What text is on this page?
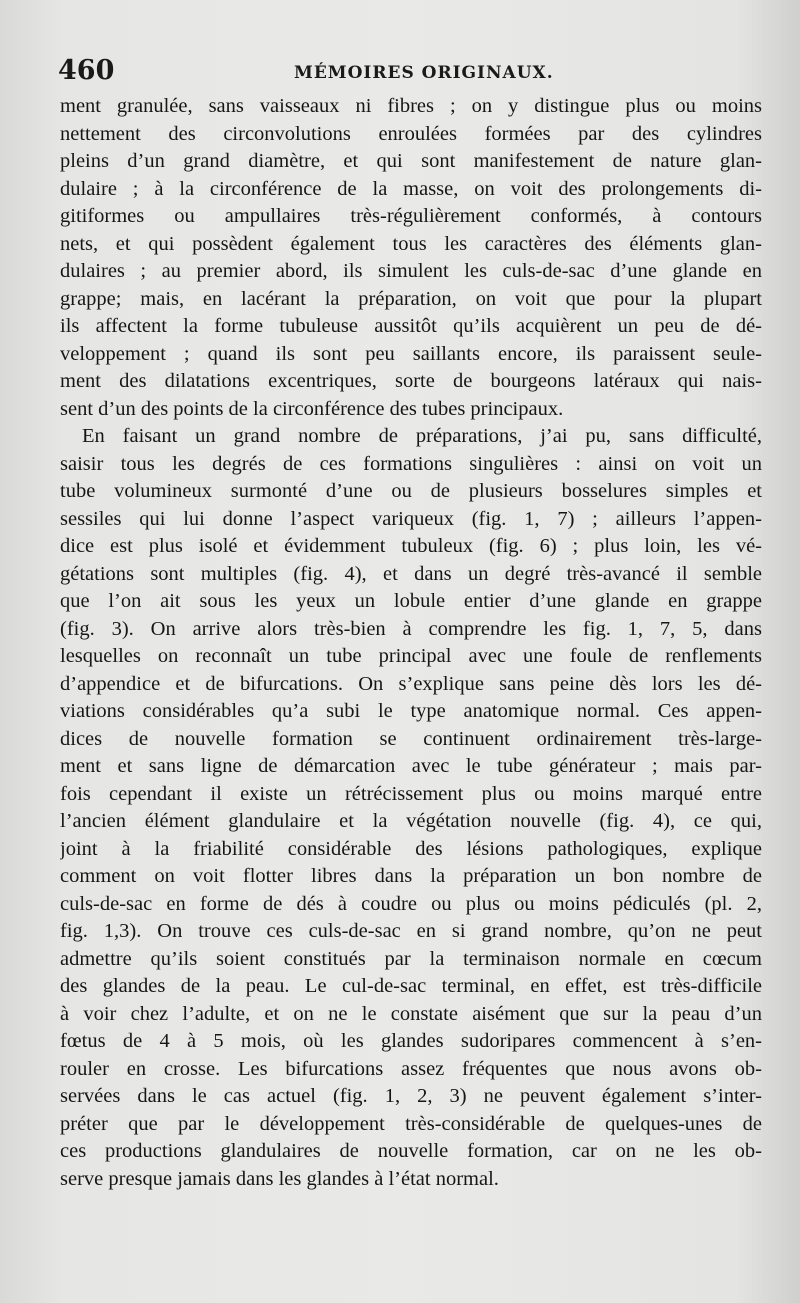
460	MÉMOIRES ORIGINAUX.
ment granulée, sans vaisseaux ni fibres ; on y distingue plus ou moins
nettement des circonvolutions enroulées formées par des cylindres
pleins d’un grand diamètre, et qui sont manifestement de nature glan-
dulaire ; à la circonférence de la masse, on voit des prolongements di-
gitiformes ou ampullaires très-régulièrement conformés, à contours
nets, et qui possèdent également tous les caractères des éléments glan-
dulaires ; au premier abord, ils simulent les culs-de-sac d’une glande en
grappe; mais, en lacérant la préparation, on voit que pour la plupart
ils affectent la forme tubuleuse aussitôt qu’ils acquièrent un peu de dé-
veloppement ; quand ils sont peu saillants encore, ils paraissent seule-
ment des dilatations excentriques, sorte de bourgeons latéraux qui nais-
sent d’un des points de la circonférence des tubes principaux.
En faisant un grand nombre de préparations, j’ai pu, sans difficulté,
saisir tous les degrés de ces formations singulières : ainsi on voit un
tube volumineux surmonté d’une ou de plusieurs bosselures simples et
sessiles qui lui donne l’aspect variqueux (fig. 1, 7) ; ailleurs l’appen-
dice est plus isolé et évidemment tubuleux (fig. 6) ; plus loin, les vé-
gétations sont multiples (fig. 4), et dans un degré très-avancé il semble
que l’on ait sous les yeux un lobule entier d’une glande en grappe
(fig. 3). On arrive alors très-bien à comprendre les fig. 1, 7, 5, dans
lesquelles on reconnaît un tube principal avec une foule de renflements
d’appendice et de bifurcations. On s’explique sans peine dès lors les dé-
viations considérables qu’a subi le type anatomique normal. Ces appen-
dices de nouvelle formation se continuent ordinairement très-large-
ment et sans ligne de démarcation avec le tube générateur ; mais par-
fois cependant il existe un rétrécissement plus ou moins marqué entre
l’ancien élément glandulaire et la végétation nouvelle (fig. 4), ce qui,
joint à la friabilité considérable des lésions pathologiques, explique
comment on voit flotter libres dans la préparation un bon nombre de
culs-de-sac en forme de dés à coudre ou plus ou moins pédiculés (pl. 2,
fig. 1,3). On trouve ces culs-de-sac en si grand nombre, qu’on ne peut
admettre qu’ils soient constitués par la terminaison normale en cœcum
des glandes de la peau. Le cul-de-sac terminal, en effet, est très-difficile
à voir chez l’adulte, et on ne le constate aisément que sur la peau d’un
fœtus de 4 à 5 mois, où les glandes sudoripares commencent à s’en-
rouler en crosse. Les bifurcations assez fréquentes que nous avons ob-
servées dans le cas actuel (fig. 1, 2, 3) ne peuvent également s’inter-
préter que par le développement très-considérable de quelques-unes de
ces productions glandulaires de nouvelle formation, car on ne les ob-
serve presque jamais dans les glandes à l’état normal.
